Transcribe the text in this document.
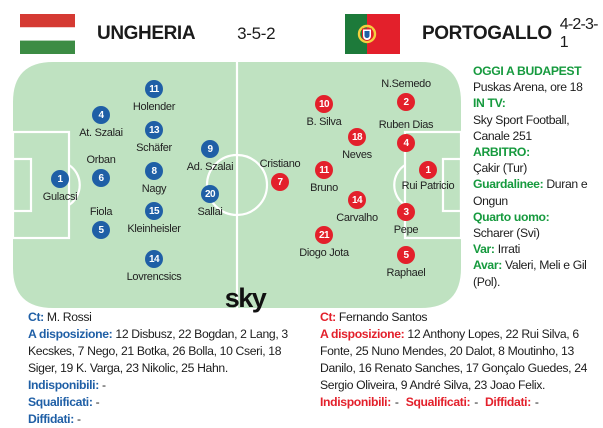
UNGHERIA 3-5-2	PORTOGALLO 4-2-3-1
1
Gulacsi
4
At. Szalai
6
Orban
5
Fiola
11
Holender
13
Schäfer
8
Nagy
15
Kleinheisler
14
Lovrencsics
9
Ad. Szalai
20
Sallai
1
Rui Patricio
2
N.Semedo
4
Ruben Dias
3
Pepe
5
Raphael
18
Neves
14
Carvalho
10
B. Silva
11
Bruno
21
Diogo Jota
7
Cristiano
sky
OGGI A BUDAPEST
Puskas Arena, ore 18
IN TV:
Sky Sport Football, Canale 251
ARBITRO:
Çakir (Tur)
Guardalinee: Duran e Ongun
Quarto uomo:
Scharer (Svi)
Var: Irrati
Avar: Valeri, Meli e Gil (Pol).

Ct: M. Rossi

A disposizione: 12 Disbusz, 22 Bogdan, 2 Lang, 3 Kecskes, 7 Nego, 21 Botka, 26 Bolla, 10 Cseri, 18 Siger, 19 K. Varga, 23 Nikolic, 25 Hahn.

Indisponibili: -

Squalificati: -

Diffidati: -

Ct: Fernando Santos

A disposizione: 12 Anthony Lopes, 22 Rui Silva, 6 Fonte, 25 Nuno Mendes, 20 Dalot, 8 Moutinho, 13 Danilo, 16 Renato Sanches, 17 Gonçalo Guedes, 24 Sergio Oliveira, 9 André Silva, 23 Joao Felix.

Indisponibili: - Squalificati: - Diffidati: -
